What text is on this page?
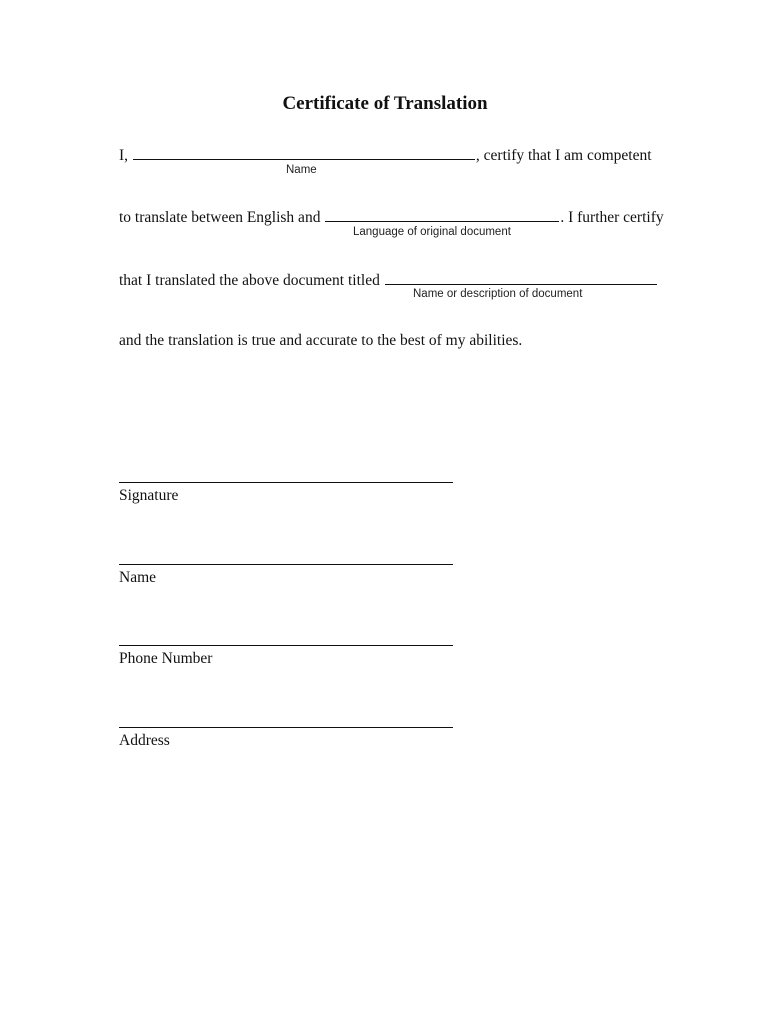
Certificate of Translation
I,	, certify that I am competent
Name
to translate between English and	. I further certify
Language of original document
that I translated the above document titled
Name or description of document
and the translation is true and accurate to the best of my abilities.
Signature
Name
Phone Number
Address
